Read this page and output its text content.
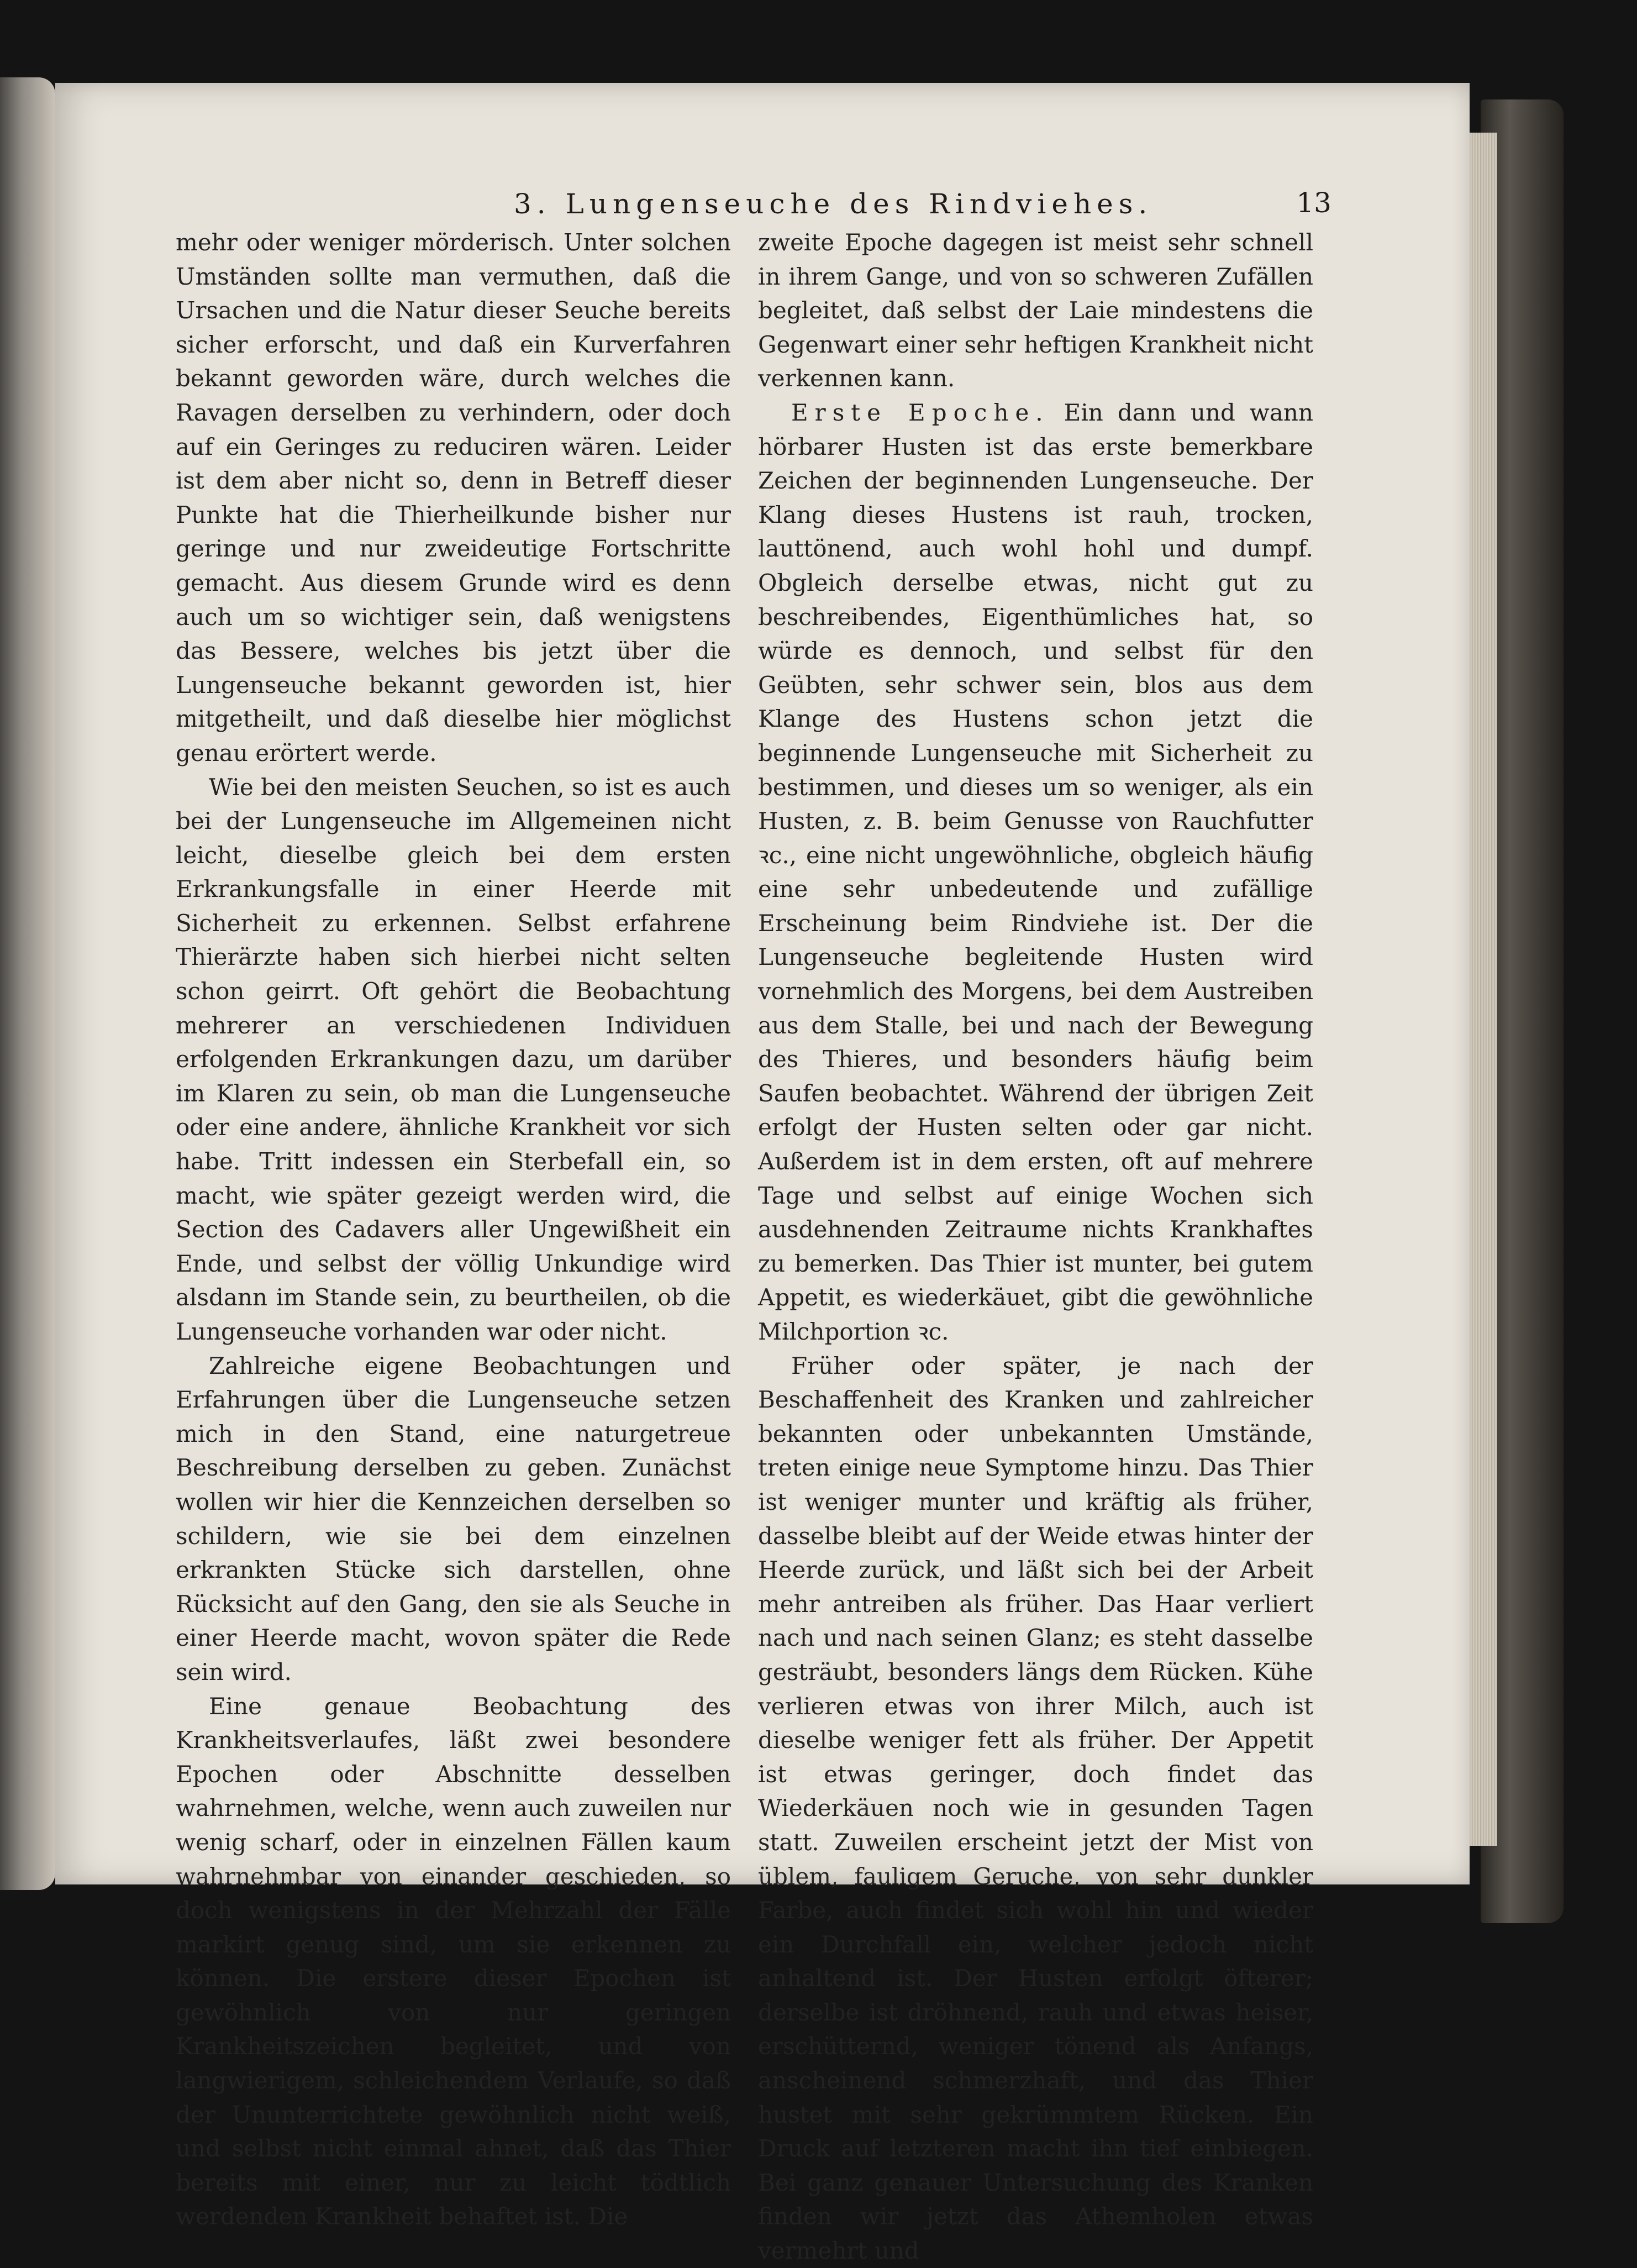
3. Lungenseuche des Rindviehes.	13

mehr oder weniger mörderisch. Unter solchen Umständen sollte man vermuthen, daß die Ursachen und die Natur dieser Seuche bereits sicher erforscht, und daß ein Kurverfahren bekannt geworden wäre, durch welches die Ravagen derselben zu verhindern, oder doch auf ein Geringes zu reduciren wären. Leider ist dem aber nicht so, denn in Betreff dieser Punkte hat die Thierheilkunde bisher nur geringe und nur zweideutige Fortschritte gemacht. Aus diesem Grunde wird es denn auch um so wichtiger sein, daß wenigstens das Bessere, welches bis jetzt über die Lungenseuche bekannt geworden ist, hier mitgetheilt, und daß dieselbe hier möglichst genau erörtert werde.

Wie bei den meisten Seuchen, so ist es auch bei der Lungenseuche im Allgemeinen nicht leicht, dieselbe gleich bei dem ersten Erkrankungsfalle in einer Heerde mit Sicherheit zu erkennen. Selbst erfahrene Thierärzte haben sich hierbei nicht selten schon geirrt. Oft gehört die Beobachtung mehrerer an verschiedenen Individuen erfolgenden Erkrankungen dazu, um darüber im Klaren zu sein, ob man die Lungenseuche oder eine andere, ähnliche Krankheit vor sich habe. Tritt indessen ein Sterbefall ein, so macht, wie später gezeigt werden wird, die Section des Cadavers aller Ungewißheit ein Ende, und selbst der völlig Unkundige wird alsdann im Stande sein, zu beurtheilen, ob die Lungenseuche vorhanden war oder nicht.

Zahlreiche eigene Beobachtungen und Erfahrungen über die Lungenseuche setzen mich in den Stand, eine naturgetreue Beschreibung derselben zu geben. Zunächst wollen wir hier die Kennzeichen derselben so schildern, wie sie bei dem einzelnen erkrankten Stücke sich darstellen, ohne Rücksicht auf den Gang, den sie als Seuche in einer Heerde macht, wovon später die Rede sein wird.

Eine genaue Beobachtung des Krankheitsverlaufes, läßt zwei besondere Epochen oder Abschnitte desselben wahrnehmen, welche, wenn auch zuweilen nur wenig scharf, oder in einzelnen Fällen kaum wahrnehmbar von einander geschieden, so doch wenigstens in der Mehrzahl der Fälle markirt genug sind, um sie erkennen zu können. Die erstere dieser Epochen ist gewöhnlich von nur geringen Krankheitszeichen begleitet, und von langwierigem, schleichendem Verlaufe, so daß der Ununterrichtete gewöhnlich nicht weiß, und selbst nicht einmal ahnet, daß das Thier bereits mit einer, nur zu leicht tödtlich werdenden Krankheit behaftet ist. Die

zweite Epoche dagegen ist meist sehr schnell in ihrem Gange, und von so schweren Zufällen begleitet, daß selbst der Laie mindestens die Gegenwart einer sehr heftigen Krankheit nicht verkennen kann.

Erste Epoche. Ein dann und wann hörbarer Husten ist das erste bemerkbare Zeichen der beginnenden Lungenseuche. Der Klang dieses Hustens ist rauh, trocken, lauttönend, auch wohl hohl und dumpf. Obgleich derselbe etwas, nicht gut zu beschreibendes, Eigenthümliches hat, so würde es dennoch, und selbst für den Geübten, sehr schwer sein, blos aus dem Klange des Hustens schon jetzt die beginnende Lungenseuche mit Sicherheit zu bestimmen, und dieses um so weniger, als ein Husten, z. B. beim Genusse von Rauchfutter ꝛc., eine nicht ungewöhnliche, obgleich häufig eine sehr unbedeutende und zufällige Erscheinung beim Rindviehe ist. Der die Lungenseuche begleitende Husten wird vornehmlich des Morgens, bei dem Austreiben aus dem Stalle, bei und nach der Bewegung des Thieres, und besonders häufig beim Saufen beobachtet. Während der übrigen Zeit erfolgt der Husten selten oder gar nicht. Außerdem ist in dem ersten, oft auf mehrere Tage und selbst auf einige Wochen sich ausdehnenden Zeitraume nichts Krankhaftes zu bemerken. Das Thier ist munter, bei gutem Appetit, es wiederkäuet, gibt die gewöhnliche Milchportion ꝛc.

Früher oder später, je nach der Beschaffenheit des Kranken und zahlreicher bekannten oder unbekannten Umstände, treten einige neue Symptome hinzu. Das Thier ist weniger munter und kräftig als früher, dasselbe bleibt auf der Weide etwas hinter der Heerde zurück, und läßt sich bei der Arbeit mehr antreiben als früher. Das Haar verliert nach und nach seinen Glanz; es steht dasselbe gesträubt, besonders längs dem Rücken. Kühe verlieren etwas von ihrer Milch, auch ist dieselbe weniger fett als früher. Der Appetit ist etwas geringer, doch findet das Wiederkäuen noch wie in gesunden Tagen statt. Zuweilen erscheint jetzt der Mist von üblem, fauligem Geruche, von sehr dunkler Farbe, auch findet sich wohl hin und wieder ein Durchfall ein, welcher jedoch nicht anhaltend ist. Der Husten erfolgt öfterer; derselbe ist dröhnend, rauh und etwas heiser, erschütternd, weniger tönend als Anfangs, anscheinend schmerzhaft, und das Thier hustet mit sehr gekrümmtem Rücken. Ein Druck auf letzteren macht ihn tief einbiegen. Bei ganz genauer Untersuchung des Kranken finden wir jetzt das Athemholen etwas vermehrt und
